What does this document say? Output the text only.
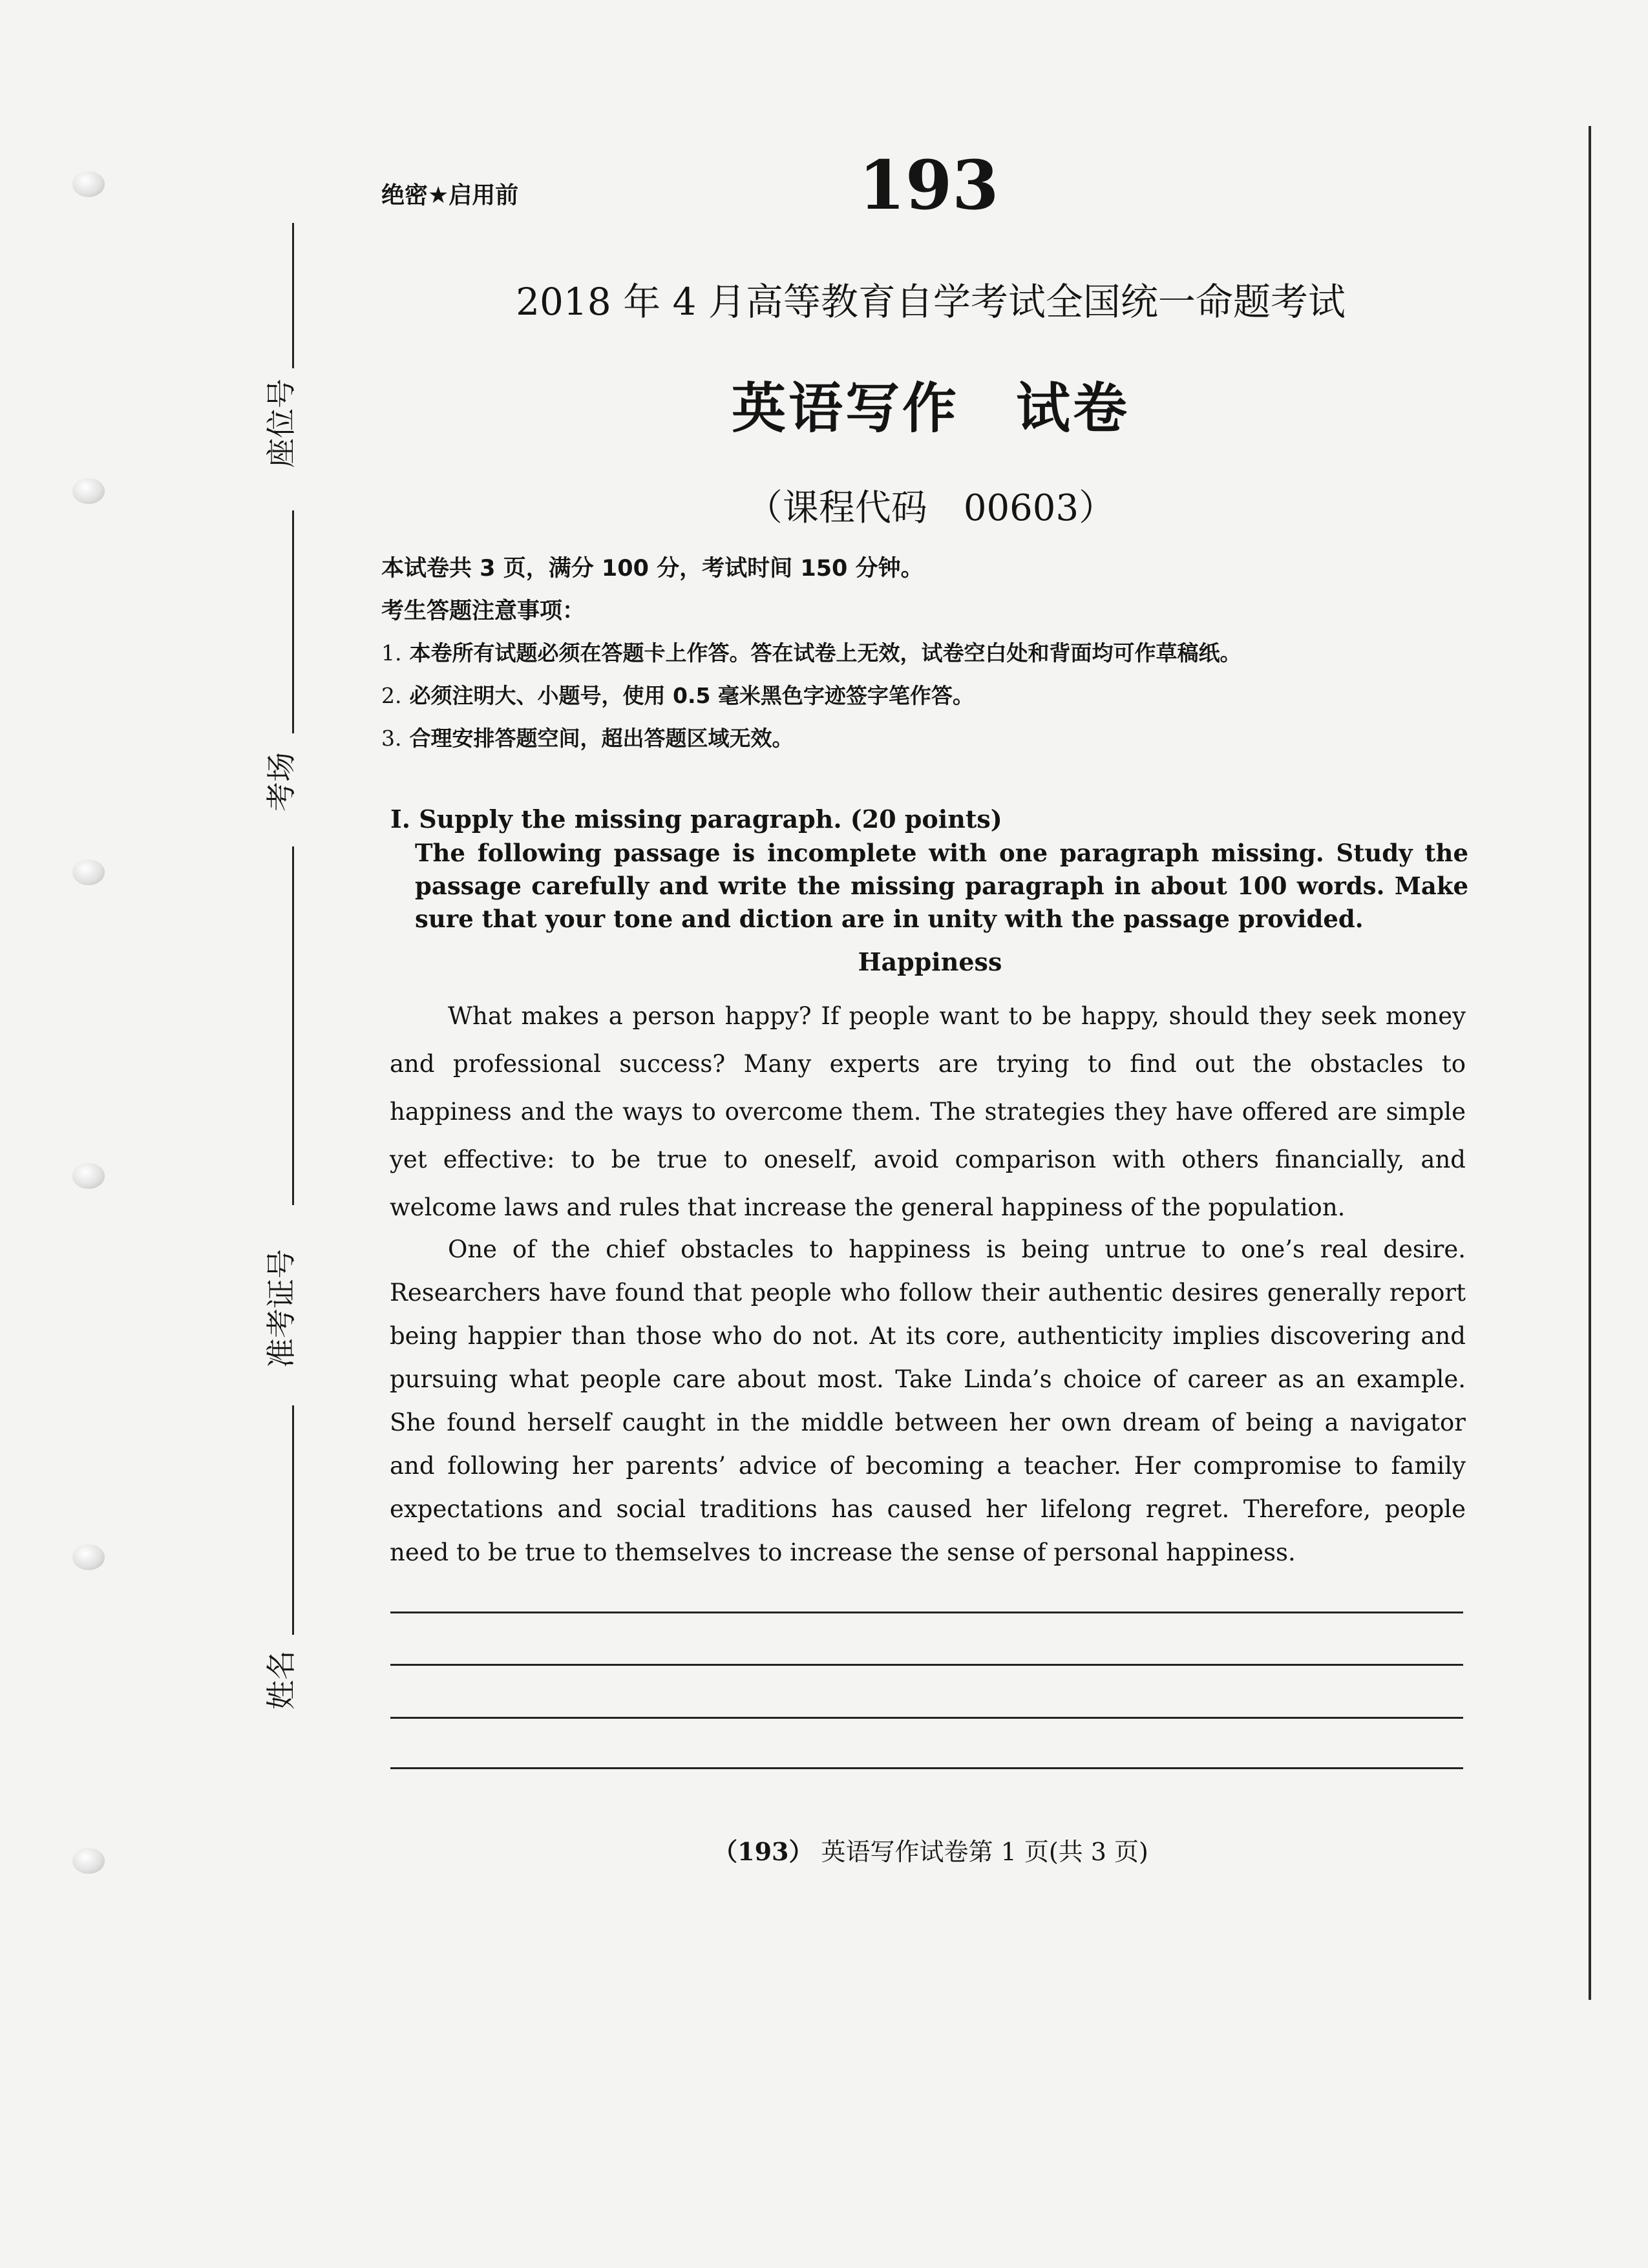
座位号
考场
准考证号
姓名
绝密★启用前	193
2018 年 4 月高等教育自学考试全国统一命题考试
英语写作　试卷
（课程代码　00603）
本试卷共 3 页，满分 100 分，考试时间 150 分钟。
考生答题注意事项：
1. 本卷所有试题必须在答题卡上作答。答在试卷上无效，试卷空白处和背面均可作草稿纸。
2. 必须注明大、小题号，使用 0.5 毫米黑色字迹签字笔作答。
3. 合理安排答题空间，超出答题区域无效。
I. Supply the missing paragraph. (20 points)
The following passage is incomplete with one paragraph missing. Study the passage carefully and write the missing paragraph in about 100 words. Make sure that your tone and diction are in unity with the passage provided.
Happiness
What makes a person happy? If people want to be happy, should they seek money and professional success? Many experts are trying to find out the obstacles to happiness and the ways to overcome them. The strategies they have offered are simple yet effective: to be true to oneself, avoid comparison with others financially, and welcome laws and rules that increase the general happiness of the population.
One of the chief obstacles to happiness is being untrue to one’s real desire. Researchers have found that people who follow their authentic desires generally report being happier than those who do not. At its core, authenticity implies discovering and pursuing what people care about most. Take Linda’s choice of career as an example. She found herself caught in the middle between her own dream of being a navigator and following her parents’ advice of becoming a teacher. Her compromise to family expectations and social traditions has caused her lifelong regret. Therefore, people need to be true to themselves to increase the sense of personal happiness.
（193） 英语写作试卷第 1 页(共 3 页)
